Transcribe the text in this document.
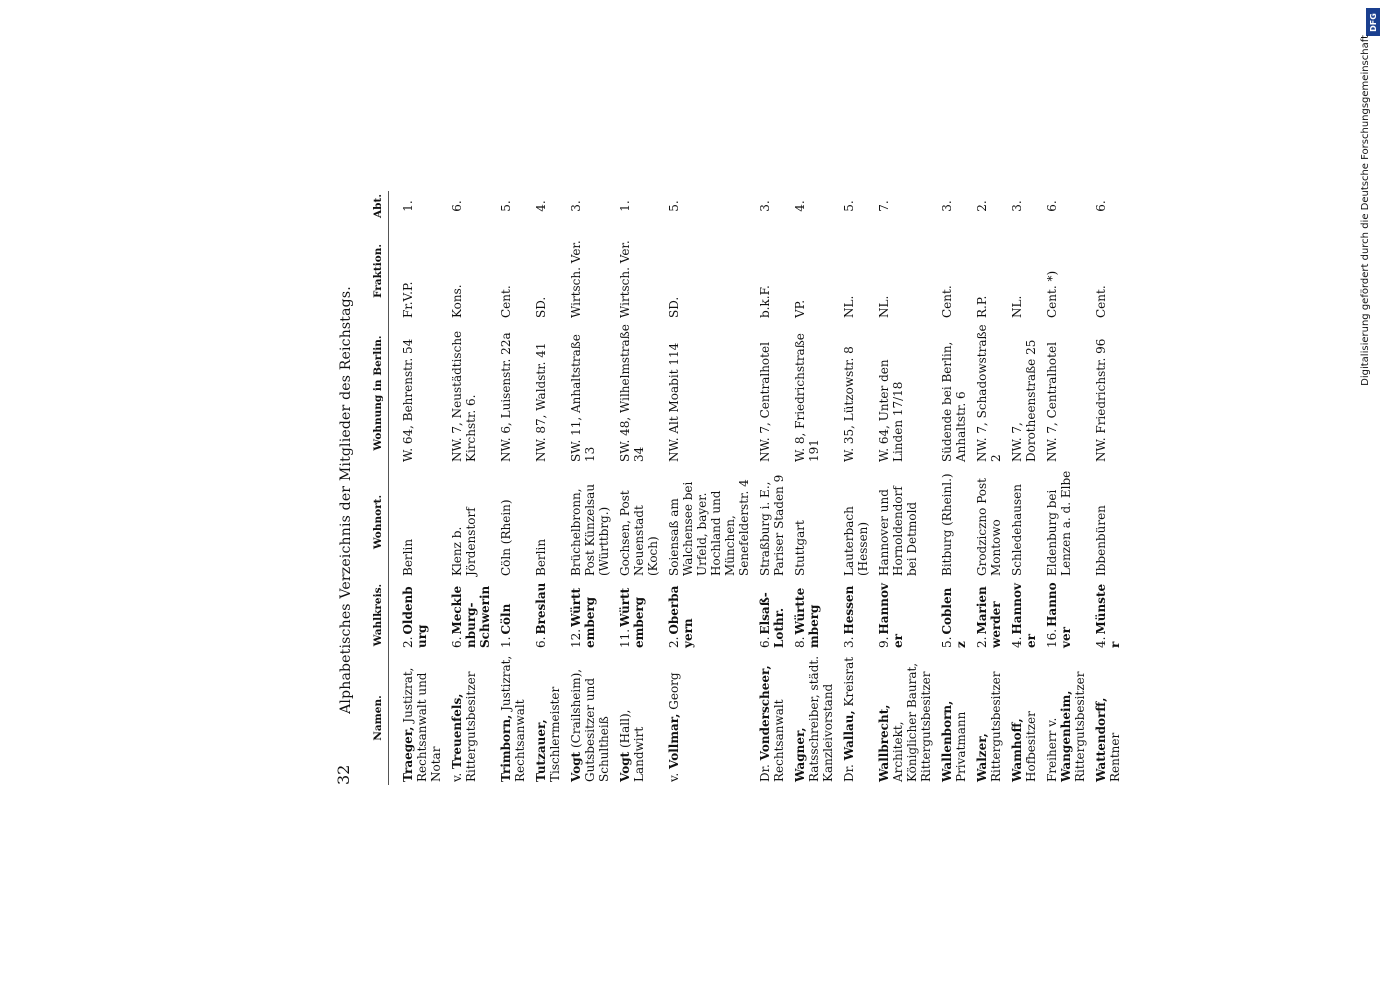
32
Alphabetisches Verzeichnis der Mitglieder des Reichstags.
Namen.	Wahlkreis.	Wohnort.	Wohnung in Berlin.	Fraktion.	Abt.

Traeger, Justizrat, Rechtsanwalt und Notar	2.Oldenburg	Berlin	W. 64, Behrenstr. 54	Fr.V.P.	1.
v. Treuenfels, Rittergutsbesitzer	6.Mecklenburg-Schwerin	Klenz b. Jördenstorf	NW. 7, Neustädtische Kirchstr. 6.	Kons.	6.
Trimborn, Justizrat, Rechtsanwalt	1.Cöln	Cöln (Rhein)	NW. 6, Luisenstr. 22a	Cent.	5.
Tutzauer, Tischlermeister	6.Breslau	Berlin	NW. 87, Waldstr. 41	SD.	4.
Vogt (Crailsheim), Gutsbesitzer und Schultheiß	12.Württemberg	Brüchelbronn, Post Künzelsau (Württbrg.)	SW. 11, Anhaltstraße 13	Wirtsch. Ver.	3.
Vogt (Hall), Landwirt	11.Württemberg	Gochsen, Post Neuenstadt (Koch)	SW. 48, Wilhelmstraße 34	Wirtsch. Ver.	1.
v. Vollmar, Georg	2.Oberbayern	Soiensaß am Walchensee bei Urfeld, bayer. Hochland und München, Senefelderstr. 4	NW. Alt Moabit 114	SD.	5.
Dr. Vonderscheer, Rechtsanwalt	6.Elsaß-Lothr.	Straßburg i. E., Pariser Staden 9	NW. 7, Centralhotel	b.k.F.	3.
Wagner, Ratsschreiber, städt. Kanzleivorstand	8.Württemberg	Stuttgart	W. 8, Friedrichstraße 191	VP.	4.
Dr. Wallau, Kreisrat	3.Hessen	Lauterbach (Hessen)	W. 35, Lützowstr. 8	NL.	5.
Wallbrecht, Architekt, Königlicher Baurat, Rittergutsbesitzer	9.Hannover	Hannover und Hornoldendorf bei Detmold	W. 64, Unter den Linden 17/18	NL.	7.
Wallenborn, Privatmann	5.Coblenz	Bitburg (Rheinl.)	Südende bei Berlin, Anhaltstr. 6	Cent.	3.
Walzer, Rittergutsbesitzer	2.Marienwerder	Grodziczno Post Montowo	NW. 7, Schadowstraße 2	R.P.	2.
Wamhoff, Hofbesitzer	4.Hannover	Schledehausen	NW. 7, Dorotheenstraße 25	NL.	3.
Freiherr v. Wangenheim, Rittergutsbesitzer	16.Hannover	Eldenburg bei Lenzen a. d. Elbe	NW. 7, Centralhotel	Cent. *)	6.
Wattendorff, Rentner	4.Münster	Ibbenbüren	NW. Friedrichstr. 96	Cent.	6.
DFG
Digitalisierung gefördert durch die Deutsche Forschungsgemeinschaft
